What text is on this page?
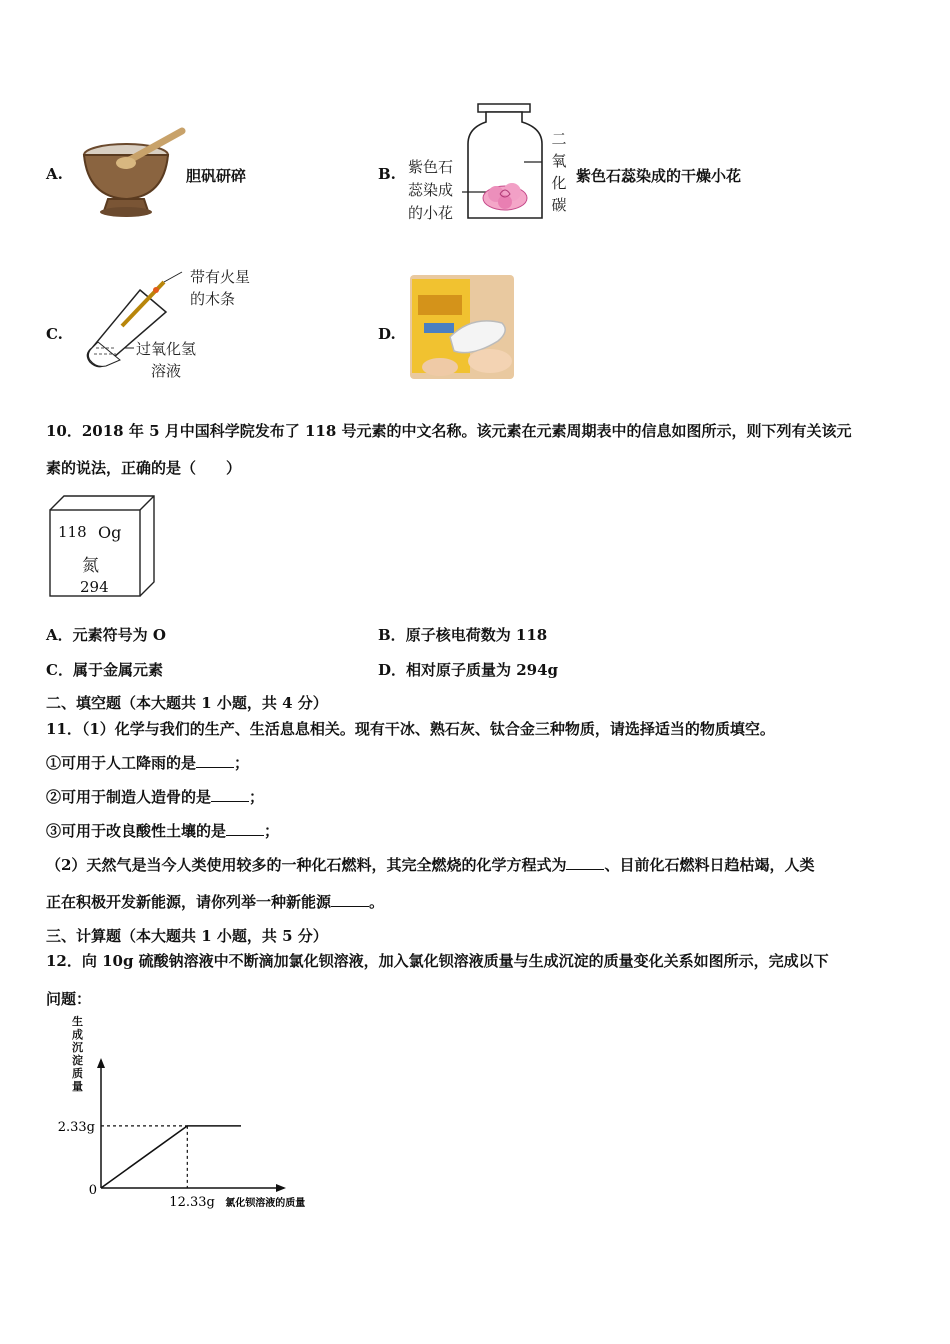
A.	胆矾研碎	B. 紫色石
蕊染成
的小花
二
氧
化
碳
紫色石蕊染成的干燥小花
C.
带有火星
的木条
过氧化氢
溶液
D.
10．2018 年 5 月中国科学院发布了 118 号元素的中文名称。该元素在元素周期表中的信息如图所示，则下列有关该元
素的说法，正确的是（　　）
118 Og
氮
294
A．元素符号为 O	B．原子核电荷数为 118
C．属于金属元素	D．相对原子质量为 294g
二、填空题（本大题共 1 小题，共 4 分）
11．（1）化学与我们的生产、生活息息相关。现有干冰、熟石灰、钛合金三种物质，请选择适当的物质填空。
①可用于人工降雨的是	；
②可用于制造人造骨的是	；
③可用于改良酸性土壤的是	；
（2）天然气是当今人类使用较多的一种化石燃料，其完全燃烧的化学方程式为	、目前化石燃料日趋枯竭，人类
正在积极开发新能源，请你列举一种新能源	。
三、计算题（本大题共 1 小题，共 5 分）
12．向 10g 硫酸钠溶液中不断滴加氯化钡溶液，加入氯化钡溶液质量与生成沉淀的质量变化关系如图所示，完成以下
问题：
生成沉淀质量
2.33g
0
12.33g 氯化钡溶液的质量
